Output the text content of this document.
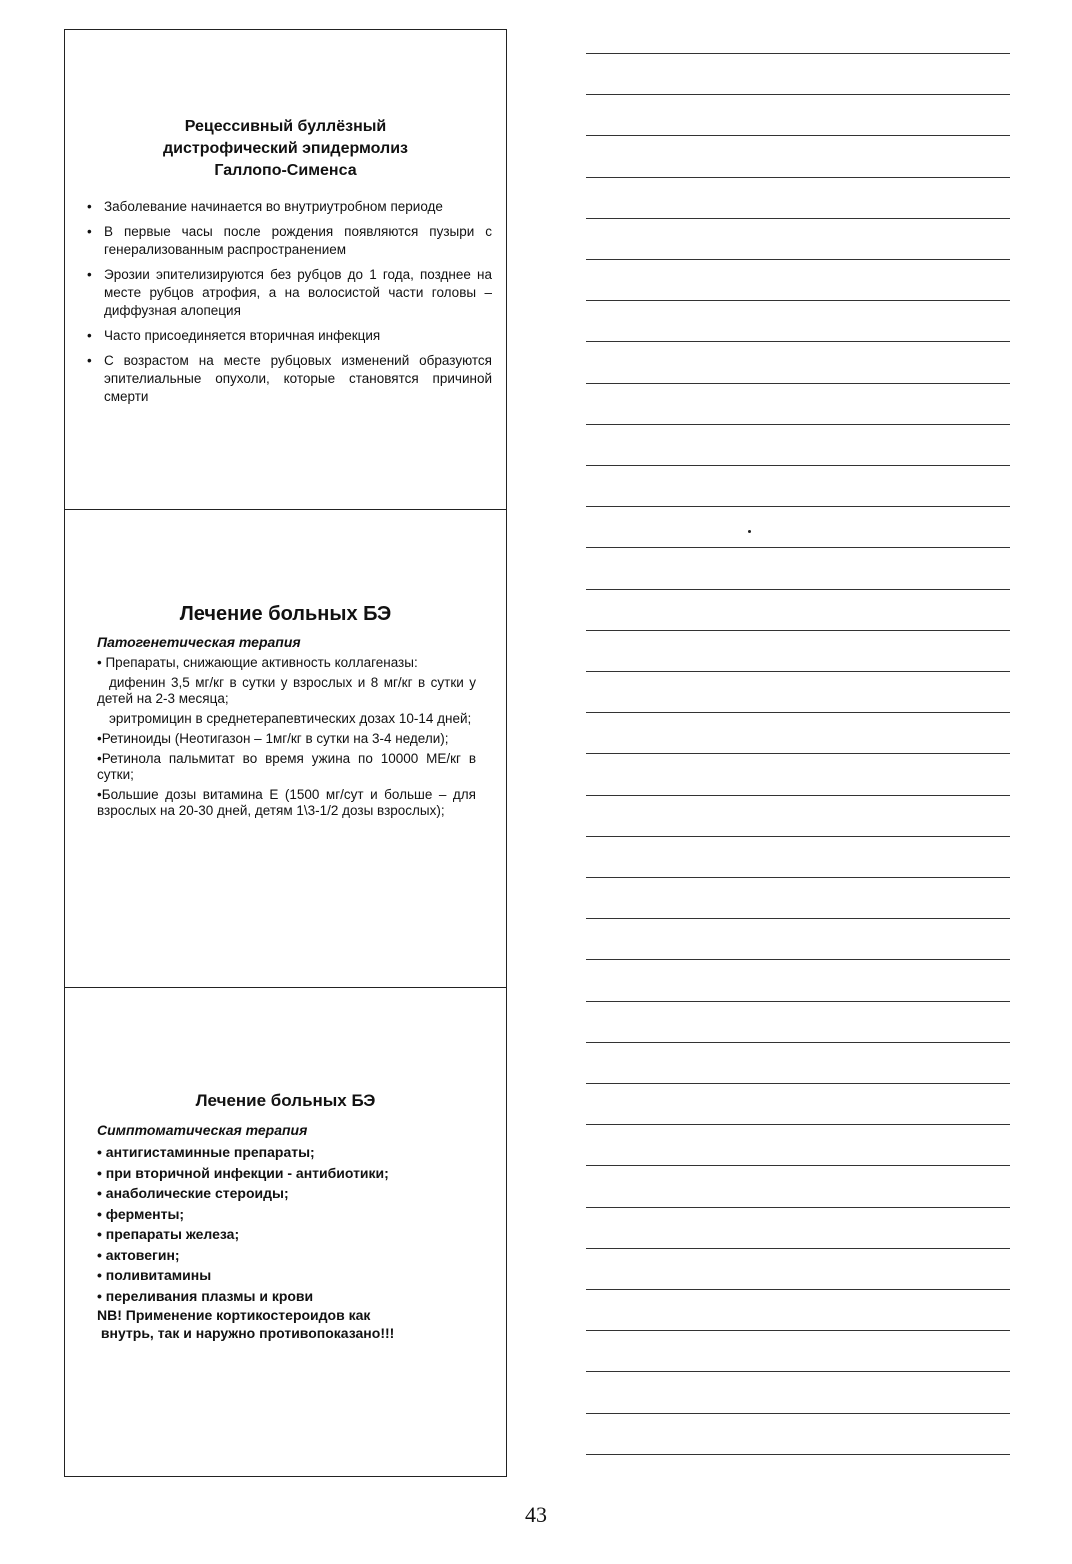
Рецессивный буллёзный
дистрофический эпидермолиз
Галлопо-Сименса
• Заболевание начинается во внутриутробном периоде
• В первые часы после рождения появляются пузыри с генерализованным распространением
• Эрозии эпителизируются без рубцов до 1 года, позднее на месте рубцов атрофия, а на волосистой части головы – диффузная алопеция
• Часто присоединяется вторичная инфекция
• С возрастом на месте рубцовых изменений образуются эпителиальные опухоли, которые становятся причиной смерти
Лечение больных БЭ
Патогенетическая терапия

• Препараты, снижающие активность коллагеназы:

дифенин 3,5 мг/кг в сутки у взрослых и 8 мг/кг в сутки у детей на 2-3 месяца;

эритромицин в среднетерапевтических дозах 10-14 дней;

•Ретиноиды (Неотигазон – 1мг/кг в сутки на 3-4 недели);

•Ретинола пальмитат во время ужина по 10000 МЕ/кг в сутки;

•Большие дозы витамина Е (1500 мг/сут и больше – для взрослых на 20-30 дней, детям 1\3-1/2 дозы взрослых);

Лечение больных БЭ
Симптоматическая терапия

• антигистаминные препараты;

• при вторичной инфекции - антибиотики;

• анаболические стероиды;

• ферменты;

• препараты железа;

• актовегин;

• поливитамины

• переливания плазмы и крови

NB! Применение кортикостероидов как
внутрь, так и наружно противопоказано!!!
43
